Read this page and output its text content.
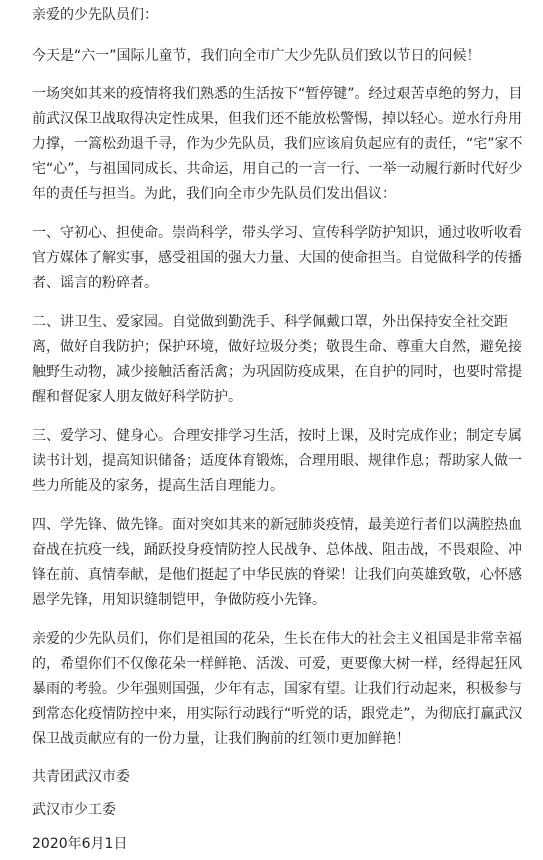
亲爱的少先队员们：

今天是“六一”国际儿童节，我们向全市广大少先队员们致以节日的问候！

一场突如其来的疫情将我们熟悉的生活按下“暂停键”。经过艰苦卓绝的努力，目前武汉保卫战取得决定性成果，但我们还不能放松警惕，掉以轻心。逆水行舟用力撑，一篙松劲退千寻，作为少先队员，我们应该肩负起应有的责任，“宅”家不宅“心”，与祖国同成长、共命运，用自己的一言一行、一举一动履行新时代好少年的责任与担当。为此，我们向全市少先队员们发出倡议：

一、守初心、担使命。崇尚科学，带头学习、宣传科学防护知识，通过收听收看官方媒体了解实事，感受祖国的强大力量、大国的使命担当。自觉做科学的传播者、谣言的粉碎者。

二、讲卫生、爱家园。自觉做到勤洗手、科学佩戴口罩，外出保持安全社交距离，做好自我防护；保护环境，做好垃圾分类；敬畏生命、尊重大自然，避免接触野生动物，减少接触活畜活禽；为巩固防疫成果，在自护的同时，也要时常提醒和督促家人朋友做好科学防护。

三、爱学习、健身心。合理安排学习生活，按时上课，及时完成作业；制定专属读书计划，提高知识储备；适度体育锻炼，合理用眼、规律作息；帮助家人做一些力所能及的家务，提高生活自理能力。

四、学先锋、做先锋。面对突如其来的新冠肺炎疫情，最美逆行者们以满腔热血奋战在抗疫一线，踊跃投身疫情防控人民战争、总体战、阻击战，不畏艰险、冲锋在前、真情奉献，是他们挺起了中华民族的脊梁！让我们向英雄致敬，心怀感恩学先锋，用知识缝制铠甲，争做防疫小先锋。

亲爱的少先队员们，你们是祖国的花朵，生长在伟大的社会主义祖国是非常幸福的，希望你们不仅像花朵一样鲜艳、活泼、可爱，更要像大树一样，经得起狂风暴雨的考验。少年强则国强，少年有志，国家有望。让我们行动起来，积极参与到常态化疫情防控中来，用实际行动践行“听党的话，跟党走”，为彻底打赢武汉保卫战贡献应有的一份力量，让我们胸前的红领巾更加鲜艳！

共青团武汉市委

武汉市少工委

2020年6月1日
